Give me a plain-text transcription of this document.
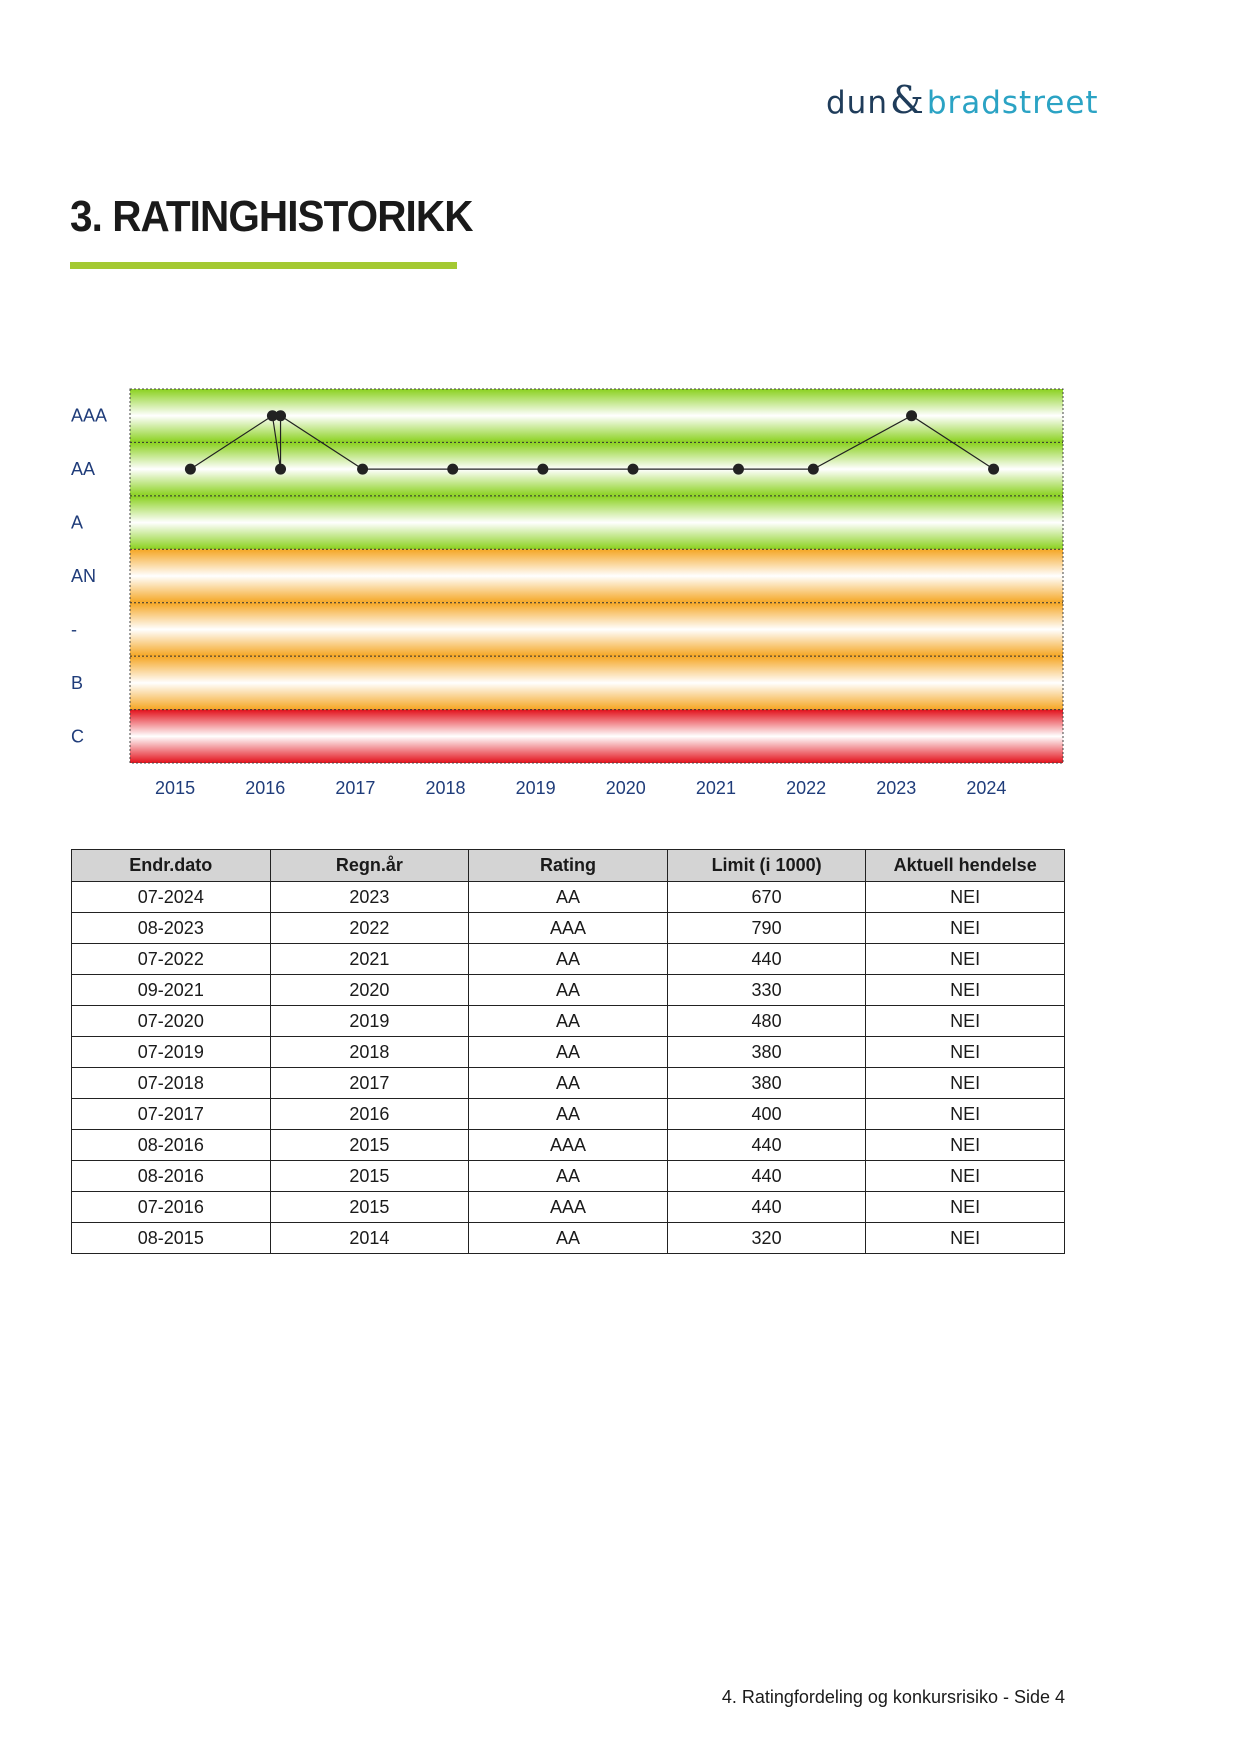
dun & bradstreet
3. RATINGHISTORIKK
AAA
AA
A
AN
-
B
C
2015	2016	2017	2018	2019	2020	2021	2022	2023	2024
Endr.dato	Regn.år	Rating	Limit (i 1000)	Aktuell hendelse
07-2024	2023	AA	670	NEI
08-2023	2022	AAA	790	NEI
07-2022	2021	AA	440	NEI
09-2021	2020	AA	330	NEI
07-2020	2019	AA	480	NEI
07-2019	2018	AA	380	NEI
07-2018	2017	AA	380	NEI
07-2017	2016	AA	400	NEI
08-2016	2015	AAA	440	NEI
08-2016	2015	AA	440	NEI
07-2016	2015	AAA	440	NEI
08-2015	2014	AA	320	NEI
4. Ratingfordeling og konkursrisiko - Side 4
